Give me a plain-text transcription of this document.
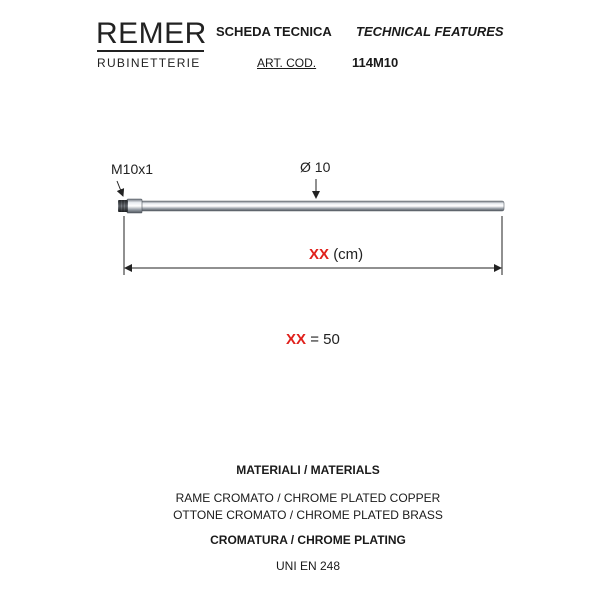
REMER
RUBINETTERIE
SCHEDA TECNICA TECHNICAL FEATURES
ART. COD.	114M10
M10x1	Ø 10
XX (cm)
XX = 50
MATERIALI / MATERIALS
RAME CROMATO / CHROME PLATED COPPER
OTTONE CROMATO / CHROME PLATED BRASS
CROMATURA / CHROME PLATING
UNI EN 248
